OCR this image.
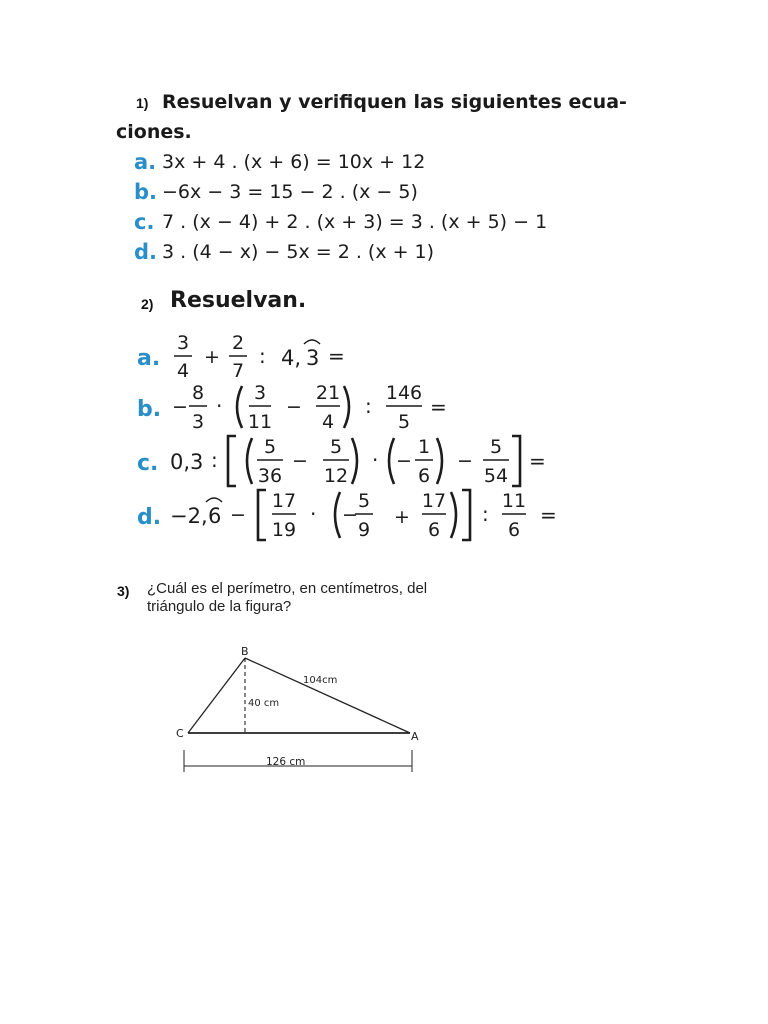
1) Resuelvan y verifiquen las siguientes ecua-
ciones.
a. 3x + 4 . (x + 6) = 10x + 12
b. −6x − 3 = 15 − 2 . (x − 5)
c. 7 . (x − 4) + 2 . (x + 3) = 3 . (x + 5) − 1
d. 3 . (4 − x) − 5x = 2 . (x + 1)
2) Resuelvan.
a.
3
4
+
2
7
: 4, 3 =
b. −
8
3
·
3
11
−
21
4
:
146
5
=
c. 0,3 :
5
36
−
5
12
· −
1
6
−
5
54
=
d. −2, 6 −
17
19
· −
5
9
+
17
6
:
11
6
=
3) ¿Cuál es el perímetro, en centímetros, del
triángulo de la figura?
B
C	A
104cm
40 cm
126 cm
